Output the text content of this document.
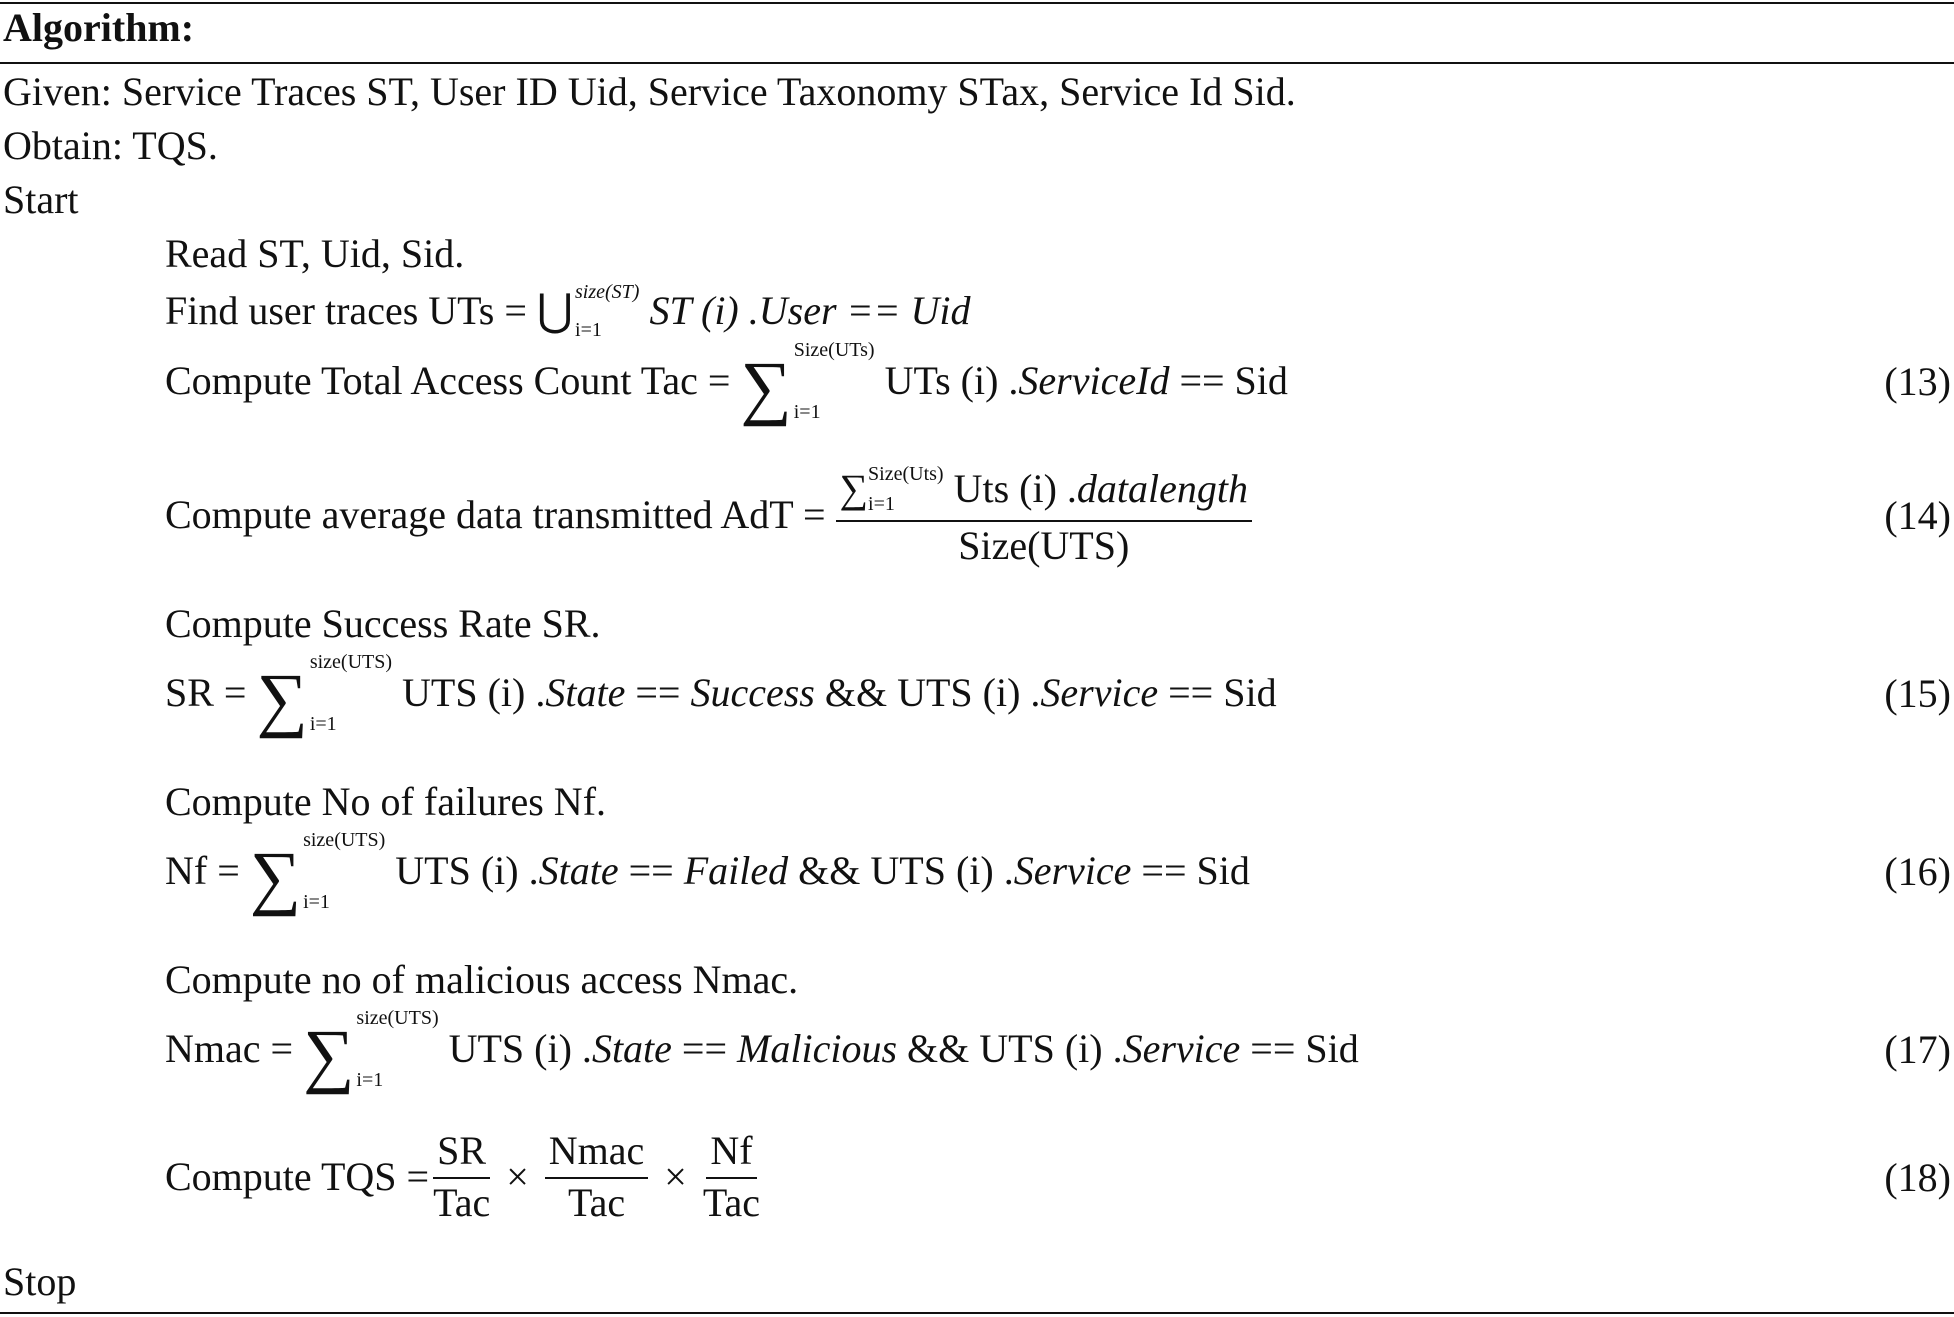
Algorithm:
Given: Service Traces ST, User ID Uid, Service Taxonomy STax, Service Id Sid.
Obtain: TQS.
Start
Read ST, Uid, Sid.
Find user traces UTs = ⋃ size(ST)
i=1	ST (i) .User == Uid
Compute Total Access Count Tac = ∑ Size(UTs)
i=1
UTs (i) . ServiceId == Sid	(13)
Compute average data transmitted AdT =
∑ Size(Uts)
i=1	Uts (i) . datalength
Size(UTS)
(14)
Compute Success Rate SR.
SR = ∑ size(UTS)
i=1
UTS (i) . State == Success && UTS (i) . Service == Sid	(15)
Compute No of failures Nf.
Nf = ∑ size(UTS)
i=1
UTS (i) . State == Failed && UTS (i) . Service == Sid	(16)
Compute no of malicious access Nmac.
Nmac = ∑ size(UTS)
i=1
UTS (i) . State == Malicious && UTS (i) . Service == Sid	(17)
Compute TQS = $\frac{SR}{\text{Tac}} \times \frac{\text{Nmac}}{\text{Tac}} \times \frac{Nf}{\text{Tac}}$	(18)
Stop
